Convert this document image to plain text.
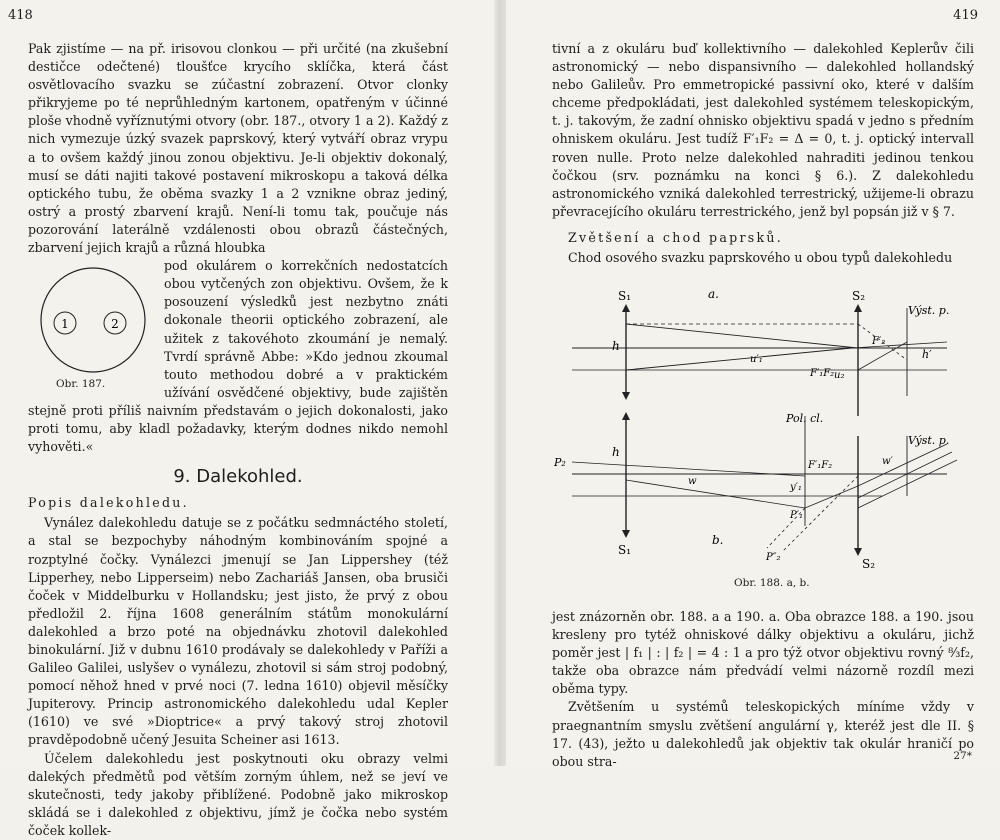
418

Pak zjistíme — na př. irisovou clonkou — při určité (na zkušební destičce odečtené) tloušťce krycího sklíčka, která část osvětlovacího svazku se zúčastní zobrazení. Otvor clonky přikryjeme po té neprůhledným kartonem, opatřeným v účinné ploše vhodně vyříznutými otvory (obr. 187., otvory 1 a 2). Každý z nich vymezuje úzký svazek paprskový, který vytváří obraz vrypu a to ovšem každý jinou zonou objektivu. Je-li objektiv dokonalý, musí se dáti najiti takové postavení mikroskopu a taková délka optického tubu, že oběma svazky 1 a 2 vznikne obraz jediný, ostrý a prostý zbarvení krajů. Není-li tomu tak, poučuje nás pozorování laterálně vzdálenosti obou obrazů částečných, zbarvení jejich krajů a různá hloubka

1	2
Obr. 187.

pod okulárem o korrekčních nedostatcích obou vytčených zon objektivu. Ovšem, že k posouzení výsledků jest nezbytno znáti dokonale theorii optického zobrazení, ale užitek z takovéhoto zkoumání je nemalý. Tvrdí správně Abbe: »Kdo jednou zkoumal touto methodou dobré a v praktickém užívání osvědčené objektivy, bude zajištěn stejně proti příliš naivním představám o jejich dokonalosti, jako proti tomu, aby kladl požadavky, kterým dodnes nikdo nemohl vyhověti.«

9. Dalekohled.
Popis dalekohledu.

Vynález dalekohledu datuje se z počátku sedmnáctého století, a stal se bezpochyby náhodným kombinováním spojné a rozptylné čočky. Vynálezci jmenují se Jan Lippershey (též Lipperhey, nebo Lipperseim) nebo Zachariáš Jansen, oba brusiči čoček v Middelburku v Hollandsku; jest jisto, že prvý z obou předložil 2. října 1608 generálním státům monokulární dalekohled a brzo poté na objednávku zhotovil dalekohled binokulární. Již v dubnu 1610 prodávaly se dalekohledy v Paříži a Galileo Galilei, uslyšev o vynálezu, zhotovil si sám stroj podobný, pomocí něhož hned v prvé noci (7. ledna 1610) objevil měsíčky Jupiterovy. Princip astronomického dalekohledu udal Kepler (1610) ve své »Dioptrice« a prvý takový stroj zhotovil pravděpodobně učený Jesuita Scheiner asi 1613.

Účelem dalekohledu jest poskytnouti oku obrazy velmi dalekých předmětů pod větším zorným úhlem, než se jeví ve skutečnosti, tedy jakoby přiblížené. Podobně jako mikroskop skládá se i dalekohled z objektivu, jímž je čočka nebo systém čoček kollek-

419

tivní a z okuláru buď kollektivního — dalekohled Keplerův čili astronomický — nebo dispansivního — dalekohled hollandský nebo Galileův. Pro emmetropické passivní oko, které v dalším chceme předpokládati, jest dalekohled systémem teleskopickým, t. j. takovým, že zadní ohnisko objektivu spadá v jedno s předním ohniskem okuláru. Jest tudíž F′₁F₂ = Δ = 0, t. j. optický intervall roven nulle. Proto nelze dalekohled nahraditi jedinou tenkou čočkou (srv. poznámku na konci § 6.). Z dalekohledu astronomického vzniká dalekohled terrestrický, užijeme-li obrazu převracejícího okuláru terrestrického, jenž byl popsán již v § 7.

Zvětšení a chod paprsků.

Chod osového svazku paprskového u obou typů dalekohledu

a.
S₁	S₂
Výst. p.
h
h′
u′₁
u₂
F′₁F₂
F′₂
Pol. cl.
Výst. p.
h
P₂
w
w′
F′₁F₂
y′₁
P′₁
P″₂
b.
S₁
S₂
Obr. 188. a, b.

jest znázorněn obr. 188. a a 190. a. Oba obrazce 188. a 190. jsou kresleny pro tytéž ohniskové dálky objektivu a okuláru, jichž poměr jest | f₁ | : | f₂ | = 4 : 1 a pro týž otvor objektivu rovný ⁸⁄₃f₂, takže oba obrazce nám předvádí velmi názorně rozdíl mezi oběma typy.

Zvětšením u systémů teleskopických míníme vždy v praegnantním smyslu zvětšení angulární γ, kteréž jest dle II. § 17. (43), ježto u dalekohledů jak objektiv tak okulár hraničí po obou stra-	27*
